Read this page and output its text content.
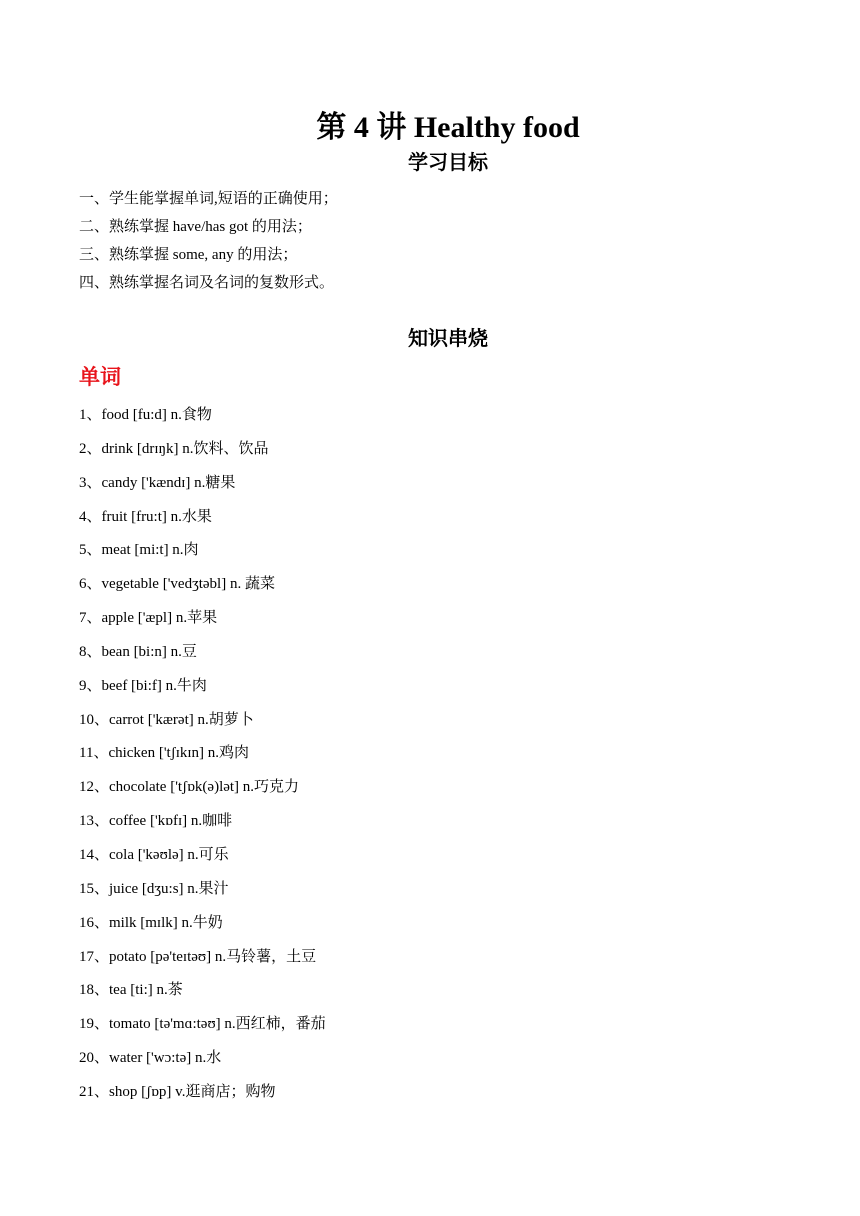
第 4 讲 Healthy food
学习目标
一、学生能掌握单词,短语的正确使用；
二、熟练掌握 have/has got 的用法；
三、熟练掌握 some, any 的用法；
四、熟练掌握名词及名词的复数形式。
知识串烧
单词
1、food [fu:d] n.食物
2、drink [drɪŋk] n.饮料、饮品
3、candy ['kændɪ] n.糖果
4、fruit [fru:t] n.水果
5、meat [mi:t] n.肉
6、vegetable ['vedʒtəbl] n. 蔬菜
7、apple ['æpl] n.苹果
8、bean [bi:n] n.豆
9、beef [bi:f] n.牛肉
10、carrot ['kærət] n.胡萝卜
11、chicken ['tʃɪkɪn] n.鸡肉
12、chocolate ['tʃɒk(ə)lət] n.巧克力
13、coffee ['kɒfɪ] n.咖啡
14、cola ['kəʊlə] n.可乐
15、juice [dʒu:s] n.果汁
16、milk [mɪlk] n.牛奶
17、potato [pə'teɪtəʊ] n.马铃薯，土豆
18、tea [ti:] n.茶
19、tomato [tə'mɑ:təʊ] n.西红柿，番茄
20、water ['wɔ:tə] n.水
21、shop [ʃɒp] v.逛商店；购物
